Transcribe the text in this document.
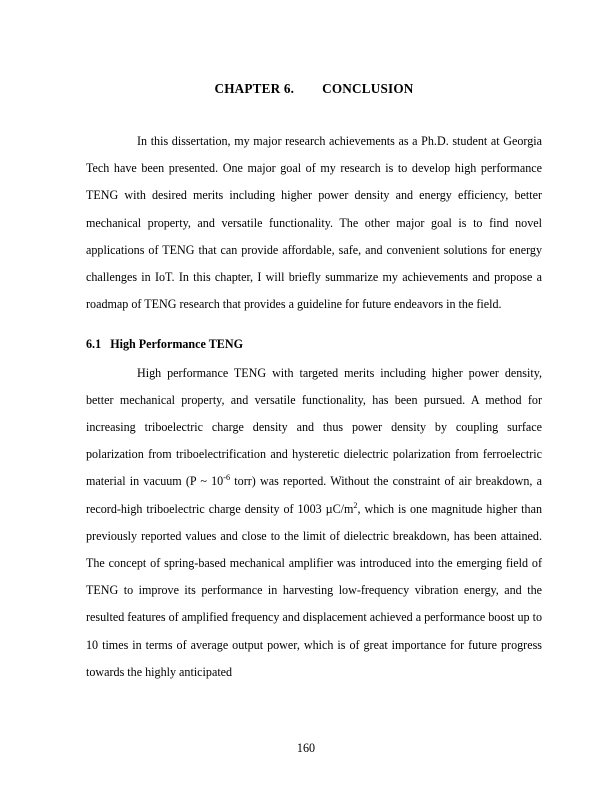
CHAPTER 6.        CONCLUSION

In this dissertation, my major research achievements as a Ph.D. student at Georgia Tech have been presented. One major goal of my research is to develop high performance TENG with desired merits including higher power density and energy efficiency, better mechanical property, and versatile functionality. The other major goal is to find novel applications of TENG that can provide affordable, safe, and convenient solutions for energy challenges in IoT. In this chapter, I will briefly summarize my achievements and propose a roadmap of TENG research that provides a guideline for future endeavors in the field.

6.1   High Performance TENG

High performance TENG with targeted merits including higher power density, better mechanical property, and versatile functionality, has been pursued. A method for increasing triboelectric charge density and thus power density by coupling surface polarization from triboelectrification and hysteretic dielectric polarization from ferroelectric material in vacuum (P ~ $10^{-6}$ torr) was reported. Without the constraint of air breakdown, a record-high triboelectric charge density of 1003 $\mu C/m^2$, which is one magnitude higher than previously reported values and close to the limit of dielectric breakdown, has been attained. The concept of spring-based mechanical amplifier was introduced into the emerging field of TENG to improve its performance in harvesting low-frequency vibration energy, and the resulted features of amplified frequency and displacement achieved a performance boost up to 10 times in terms of average output power, which is of great importance for future progress towards the highly anticipated

160
